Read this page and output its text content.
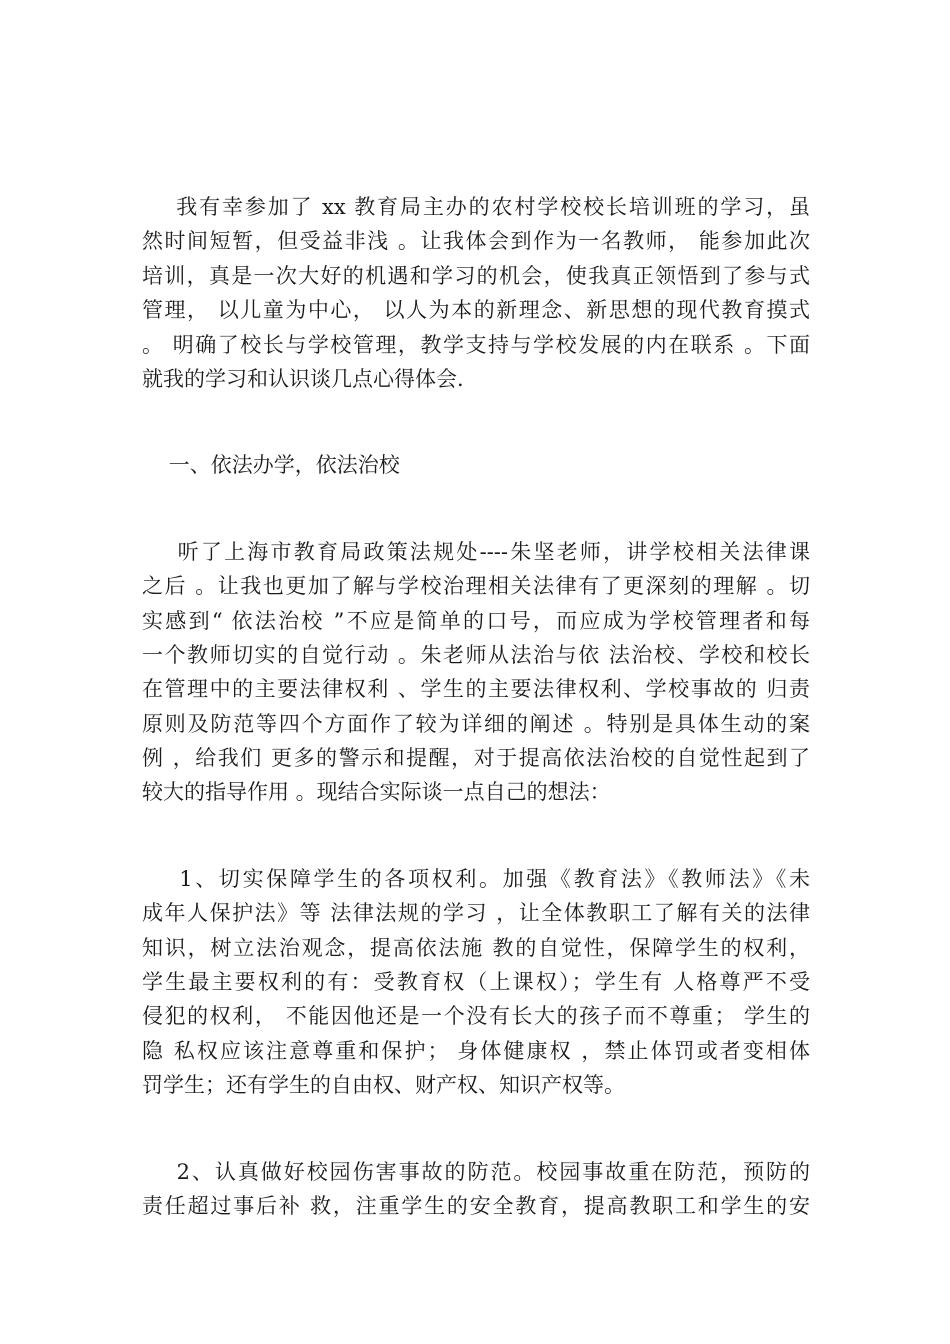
我有幸参加了 xx 教育局主办的农村学校校长培训班的学习，虽
然时间短暂，但受益非浅 。让我体会到作为一名教师， 能参加此次
培训，真是一次大好的机遇和学习的机会，使我真正领悟到了参与式
管理， 以儿童为中心， 以人为本的新理念、新思想的现代教育摸式
。 明确了校长与学校管理，教学支持与学校发展的内在联系 。下面
就我的学习和认识谈几点心得体会.
一、依法办学，依法治校
听了上海市教育局政策法规处----朱坚老师，讲学校相关法律课
之后 。让我也更加了解与学校治理相关法律有了更深刻的理解 。切
实感到“ 依法治校 ”不应是简单的口号，而应成为学校管理者和每
一个教师切实的自觉行动 。朱老师从法治与依 法治校、学校和校长
在管理中的主要法律权利 、学生的主要法律权利、学校事故的 归责
原则及防范等四个方面作了较为详细的阐述 。特别是具体生动的案
例 ，给我们 更多的警示和提醒，对于提高依法治校的自觉性起到了
较大的指导作用 。现结合实际谈一点自己的想法：
1、切实保障学生的各项权利。加强《教育法》《教师法》《未
成年人保护法》等 法律法规的学习 ，让全体教职工了解有关的法律
知识，树立法治观念，提高依法施 教的自觉性，保障学生的权利，
学生最主要权利的有：受教育权（上课权）；学生有 人格尊严不受
侵犯的权利， 不能因他还是一个没有长大的孩子而不尊重； 学生的
隐 私权应该注意尊重和保护； 身体健康权 ，禁止体罚或者变相体
罚学生；还有学生的自由权、财产权、知识产权等。
2、认真做好校园伤害事故的防范。校园事故重在防范，预防的
责任超过事后补 救，注重学生的安全教育，提高教职工和学生的安
